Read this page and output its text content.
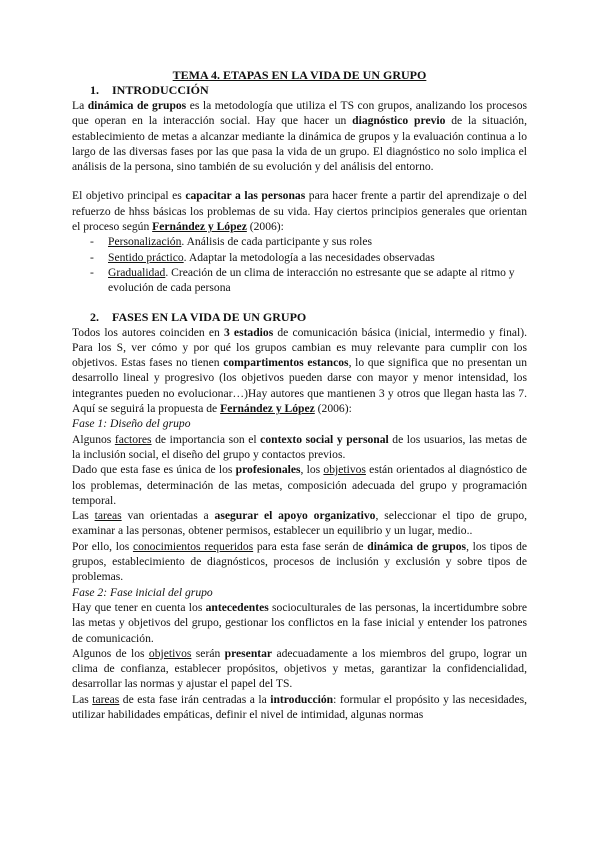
TEMA 4. ETAPAS EN LA VIDA DE UN GRUPO

1. INTRODUCCIÓN

La dinámica de grupos es la metodología que utiliza el TS con grupos, analizando los procesos que operan en la interacción social. Hay que hacer un diagnóstico previo de la situación, establecimiento de metas a alcanzar mediante la dinámica de grupos y la evaluación continua a lo largo de las diversas fases por las que pasa la vida de un grupo. El diagnóstico no solo implica el análisis de la persona, sino también de su evolución y del análisis del entorno.

El objetivo principal es capacitar a las personas para hacer frente a partir del aprendizaje o del refuerzo de hhss básicas los problemas de su vida. Hay ciertos principios generales que orientan el proceso según Fernández y López (2006):

- Personalización. Análisis de cada participante y sus roles
- Sentido práctico. Adaptar la metodología a las necesidades observadas
- Gradualidad. Creación de un clima de interacción no estresante que se adapte al ritmo y evolución de cada persona
2. FASES EN LA VIDA DE UN GRUPO

Todos los autores coinciden en 3 estadios de comunicación básica (inicial, intermedio y final). Para los S, ver cómo y por qué los grupos cambian es muy relevante para cumplir con los objetivos. Estas fases no tienen compartimentos estancos, lo que significa que no presentan un desarrollo lineal y progresivo (los objetivos pueden darse con mayor y menor intensidad, los integrantes pueden no evolucionar…)Hay autores que mantienen 3 y otros que llegan hasta las 7. Aquí se seguirá la propuesta de Fernández y López (2006):

Fase 1: Diseño del grupo

Algunos factores de importancia son el contexto social y personal de los usuarios, las metas de la inclusión social, el diseño del grupo y contactos previos.

Dado que esta fase es única de los profesionales, los objetivos están orientados al diagnóstico de los problemas, determinación de las metas, composición adecuada del grupo y programación temporal.

Las tareas van orientadas a asegurar el apoyo organizativo, seleccionar el tipo de grupo, examinar a las personas, obtener permisos, establecer un equilibrio y un lugar, medio..

Por ello, los conocimientos requeridos para esta fase serán de dinámica de grupos, los tipos de grupos, establecimiento de diagnósticos, procesos de inclusión y exclusión y sobre tipos de problemas.

Fase 2: Fase inicial del grupo

Hay que tener en cuenta los antecedentes socioculturales de las personas, la incertidumbre sobre las metas y objetivos del grupo, gestionar los conflictos en la fase inicial y entender los patrones de comunicación.

Algunos de los objetivos serán presentar adecuadamente a los miembros del grupo, lograr un clima de confianza, establecer propósitos, objetivos y metas, garantizar la confidencialidad, desarrollar las normas y ajustar el papel del TS.

Las tareas de esta fase irán centradas a la introducción: formular el propósito y las necesidades, utilizar habilidades empáticas, definir el nivel de intimidad, algunas normas
